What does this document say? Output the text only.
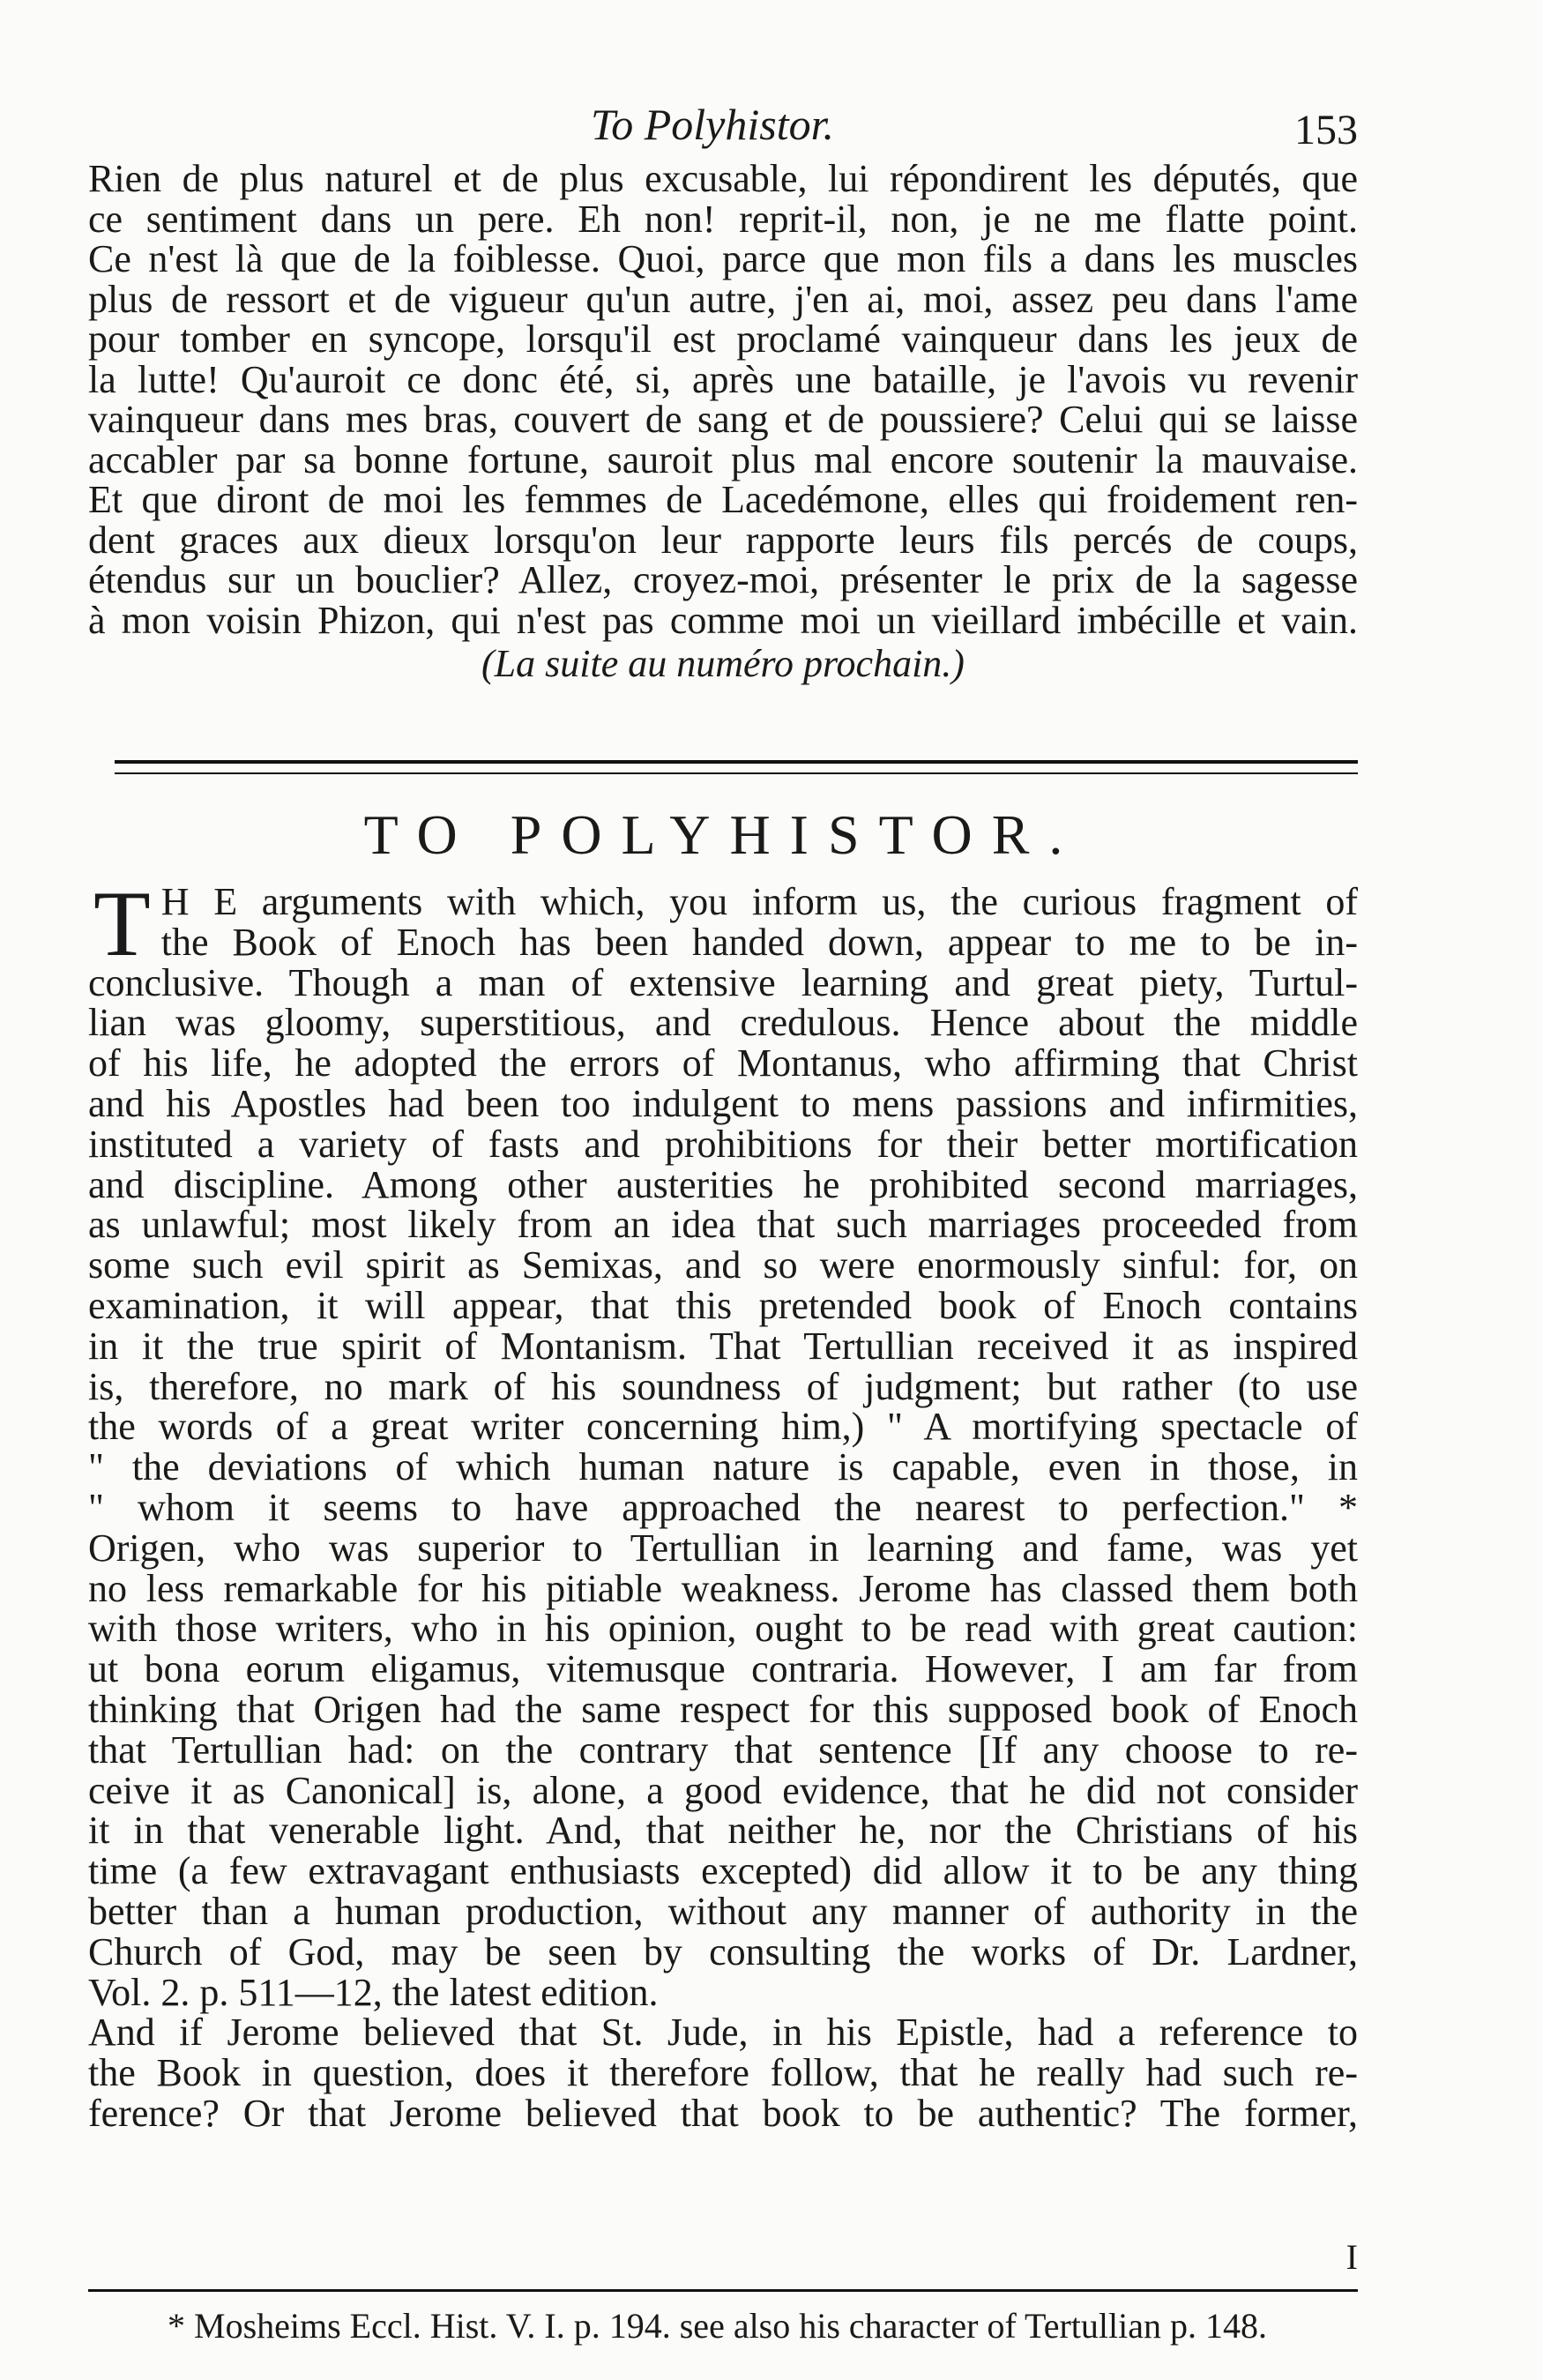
To Polyhistor.	153
Rien de plus naturel et de plus excusable, lui répondirent les députés, que
ce sentiment dans un pere. Eh non! reprit-il, non, je ne me flatte point.
Ce n'est là que de la foiblesse. Quoi, parce que mon fils a dans les muscles
plus de ressort et de vigueur qu'un autre, j'en ai, moi, assez peu dans l'ame
pour tomber en syncope, lorsqu'il est proclamé vainqueur dans les jeux de
la lutte! Qu'auroit ce donc été, si, après une bataille, je l'avois vu revenir
vainqueur dans mes bras, couvert de sang et de poussiere? Celui qui se laisse
accabler par sa bonne fortune, sauroit plus mal encore soutenir la mauvaise.
Et que diront de moi les femmes de Lacedémone, elles qui froidement ren-
dent graces aux dieux lorsqu'on leur rapporte leurs fils percés de coups,
étendus sur un bouclier? Allez, croyez-moi, présenter le prix de la sagesse
à mon voisin Phizon, qui n'est pas comme moi un vieillard imbécille et vain.
(La suite au numéro prochain.)
TO POLYHISTOR.
T H E arguments with which, you inform us, the curious fragment of
the Book of Enoch has been handed down, appear to me to be in-
conclusive. Though a man of extensive learning and great piety, Turtul-
lian was gloomy, superstitious, and credulous. Hence about the middle
of his life, he adopted the errors of Montanus, who affirming that Christ
and his Apostles had been too indulgent to mens passions and infirmities,
instituted a variety of fasts and prohibitions for their better mortification
and discipline. Among other austerities he prohibited second marriages,
as unlawful; most likely from an idea that such marriages proceeded from
some such evil spirit as Semixas, and so were enormously sinful: for, on
examination, it will appear, that this pretended book of Enoch contains
in it the true spirit of Montanism. That Tertullian received it as inspired
is, therefore, no mark of his soundness of judgment; but rather (to use
the words of a great writer concerning him,) " A mortifying spectacle of
" the deviations of which human nature is capable, even in those, in
" whom it seems to have approached the nearest to perfection." *
Origen, who was superior to Tertullian in learning and fame, was yet
no less remarkable for his pitiable weakness. Jerome has classed them both
with those writers, who in his opinion, ought to be read with great caution:
ut bona eorum eligamus, vitemusque contraria. However, I am far from
thinking that Origen had the same respect for this supposed book of Enoch
that Tertullian had: on the contrary that sentence [If any choose to re-
ceive it as Canonical] is, alone, a good evidence, that he did not consider
it in that venerable light. And, that neither he, nor the Christians of his
time (a few extravagant enthusiasts excepted) did allow it to be any thing
better than a human production, without any manner of authority in the
Church of God, may be seen by consulting the works of Dr. Lardner,
Vol. 2. p. 511—12, the latest edition.
And if Jerome believed that St. Jude, in his Epistle, had a reference to
the Book in question, does it therefore follow, that he really had such re-
ference? Or that Jerome believed that book to be authentic? The former,
I
* Mosheims Eccl. Hist. V. I. p. 194. see also his character of Tertullian p. 148.
